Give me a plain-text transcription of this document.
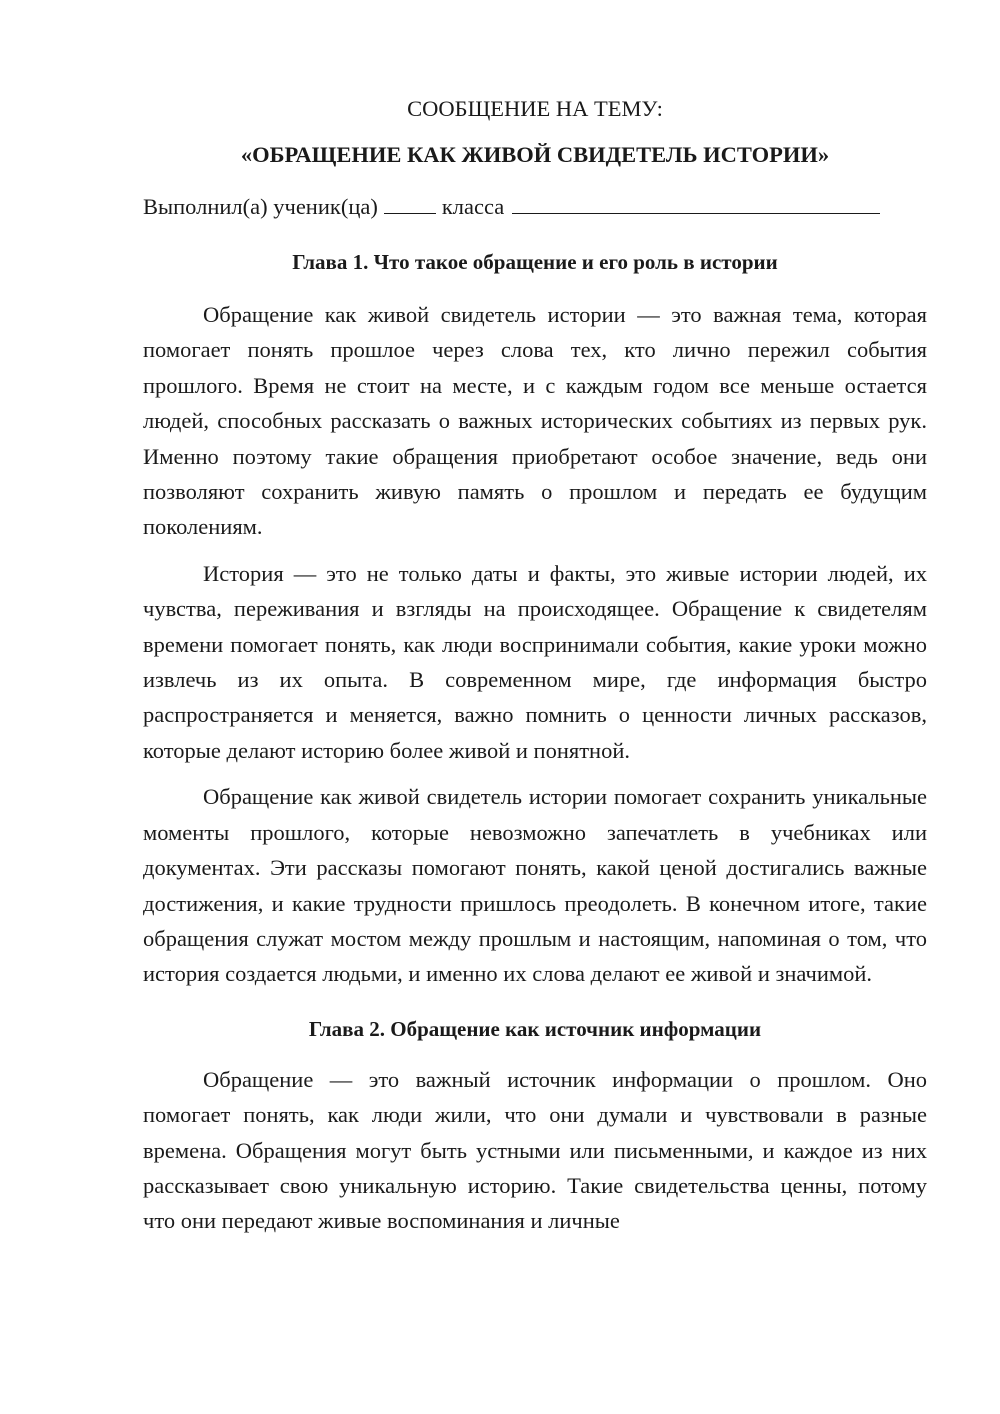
СООБЩЕНИЕ НА ТЕМУ:

«ОБРАЩЕНИЕ КАК ЖИВОЙ СВИДЕТЕЛЬ ИСТОРИИ»

Выполнил(а) ученик(ца)	класса

Глава 1. Что такое обращение и его роль в истории

Обращение как живой свидетель истории — это важная тема, которая помогает понять прошлое через слова тех, кто лично пережил события прошлого. Время не стоит на месте, и с каждым годом все меньше остается людей, способных рассказать о важных исторических событиях из первых рук. Именно поэтому такие обращения приобретают особое значение, ведь они позволяют сохранить живую память о прошлом и передать ее будущим поколениям.

История — это не только даты и факты, это живые истории людей, их чувства, переживания и взгляды на происходящее. Обращение к свидетелям времени помогает понять, как люди воспринимали события, какие уроки можно извлечь из их опыта. В современном мире, где информация быстро распространяется и меняется, важно помнить о ценности личных рассказов, которые делают историю более живой и понятной.

Обращение как живой свидетель истории помогает сохранить уникальные моменты прошлого, которые невозможно запечатлеть в учебниках или документах. Эти рассказы помогают понять, какой ценой достигались важные достижения, и какие трудности пришлось преодолеть. В конечном итоге, такие обращения служат мостом между прошлым и настоящим, напоминая о том, что история создается людьми, и именно их слова делают ее живой и значимой.

Глава 2. Обращение как источник информации

Обращение — это важный источник информации о прошлом. Оно помогает понять, как люди жили, что они думали и чувствовали в разные времена. Обращения могут быть устными или письменными, и каждое из них рассказывает свою уникальную историю. Такие свидетельства ценны, потому что они передают живые воспоминания и личные
